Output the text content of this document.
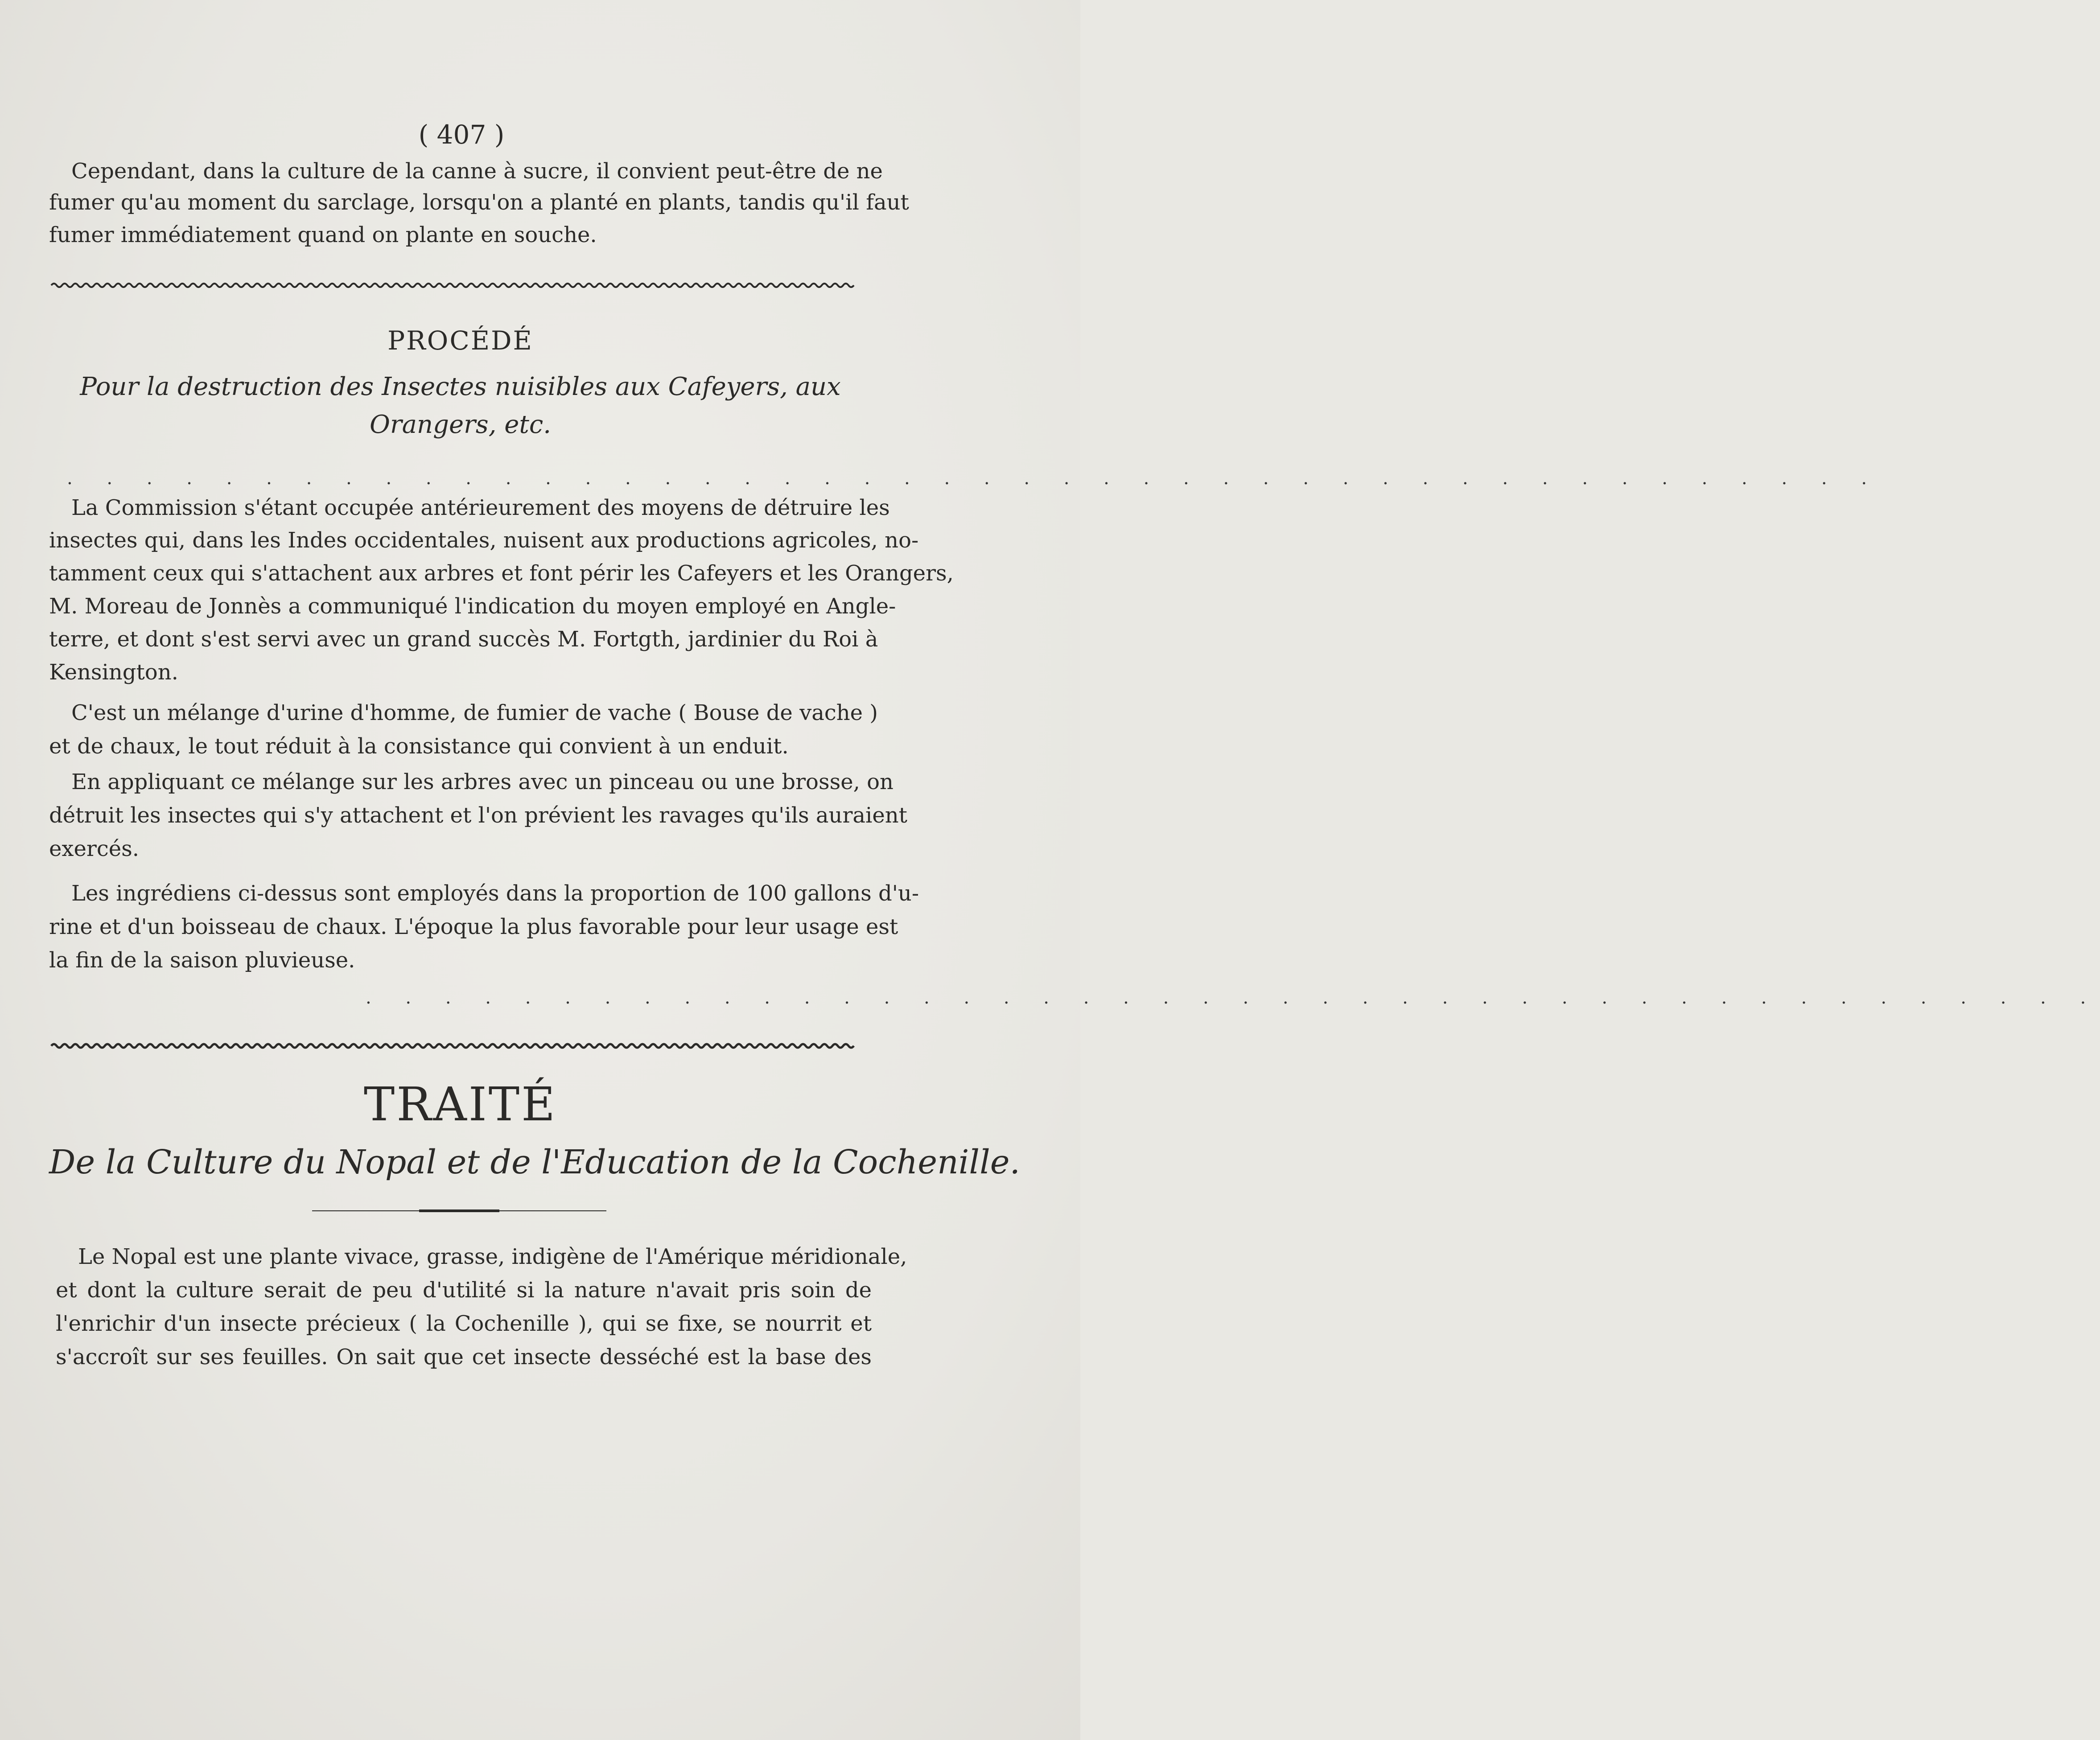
( 407 )
Cependant, dans la culture de la canne à sucre, il convient peut-être de ne
fumer qu'au moment du sarclage, lorsqu'on a planté en plants, tandis qu'il faut
fumer immédiatement quand on plante en souche.
PROCÉDÉ
Pour la destruction des Insectes nuisibles aux Cafeyers, aux
Orangers, etc.
. . . . . . . . . . . . . . . . . . . . . . . . . . . . . . . . . . . . . . . . . . . . . .
La Commission s'étant occupée antérieurement des moyens de détruire les
insectes qui, dans les Indes occidentales, nuisent aux productions agricoles, no-
tamment ceux qui s'attachent aux arbres et font périr les Cafeyers et les Orangers,
M. Moreau de Jonnès a communiqué l'indication du moyen employé en Angle-
terre, et dont s'est servi avec un grand succès M. Fortgth, jardinier du Roi à
Kensington.
C'est un mélange d'urine d'homme, de fumier de vache ( Bouse de vache )
et de chaux, le tout réduit à la consistance qui convient à un enduit.
En appliquant ce mélange sur les arbres avec un pinceau ou une brosse, on
détruit les insectes qui s'y attachent et l'on prévient les ravages qu'ils auraient
exercés.
Les ingrédiens ci-dessus sont employés dans la proportion de 100 gallons d'u-
rine et d'un boisseau de chaux. L'époque la plus favorable pour leur usage est
la fin de la saison pluvieuse.
. . . . . . . . . . . . . . . . . . . . . . . . . . . . . . . . . . . . . . . . . . . .
TRAITÉ
De la Culture du Nopal et de l'Education de la Cochenille.
Le Nopal est une plante vivace, grasse, indigène de l'Amérique méridionale,
et dont la culture serait de peu d'utilité si la nature n'avait pris soin de
l'enrichir d'un insecte précieux ( la Cochenille ), qui se fixe, se nourrit et
s'accroît sur ses feuilles. On sait que cet insecte desséché est la base des
